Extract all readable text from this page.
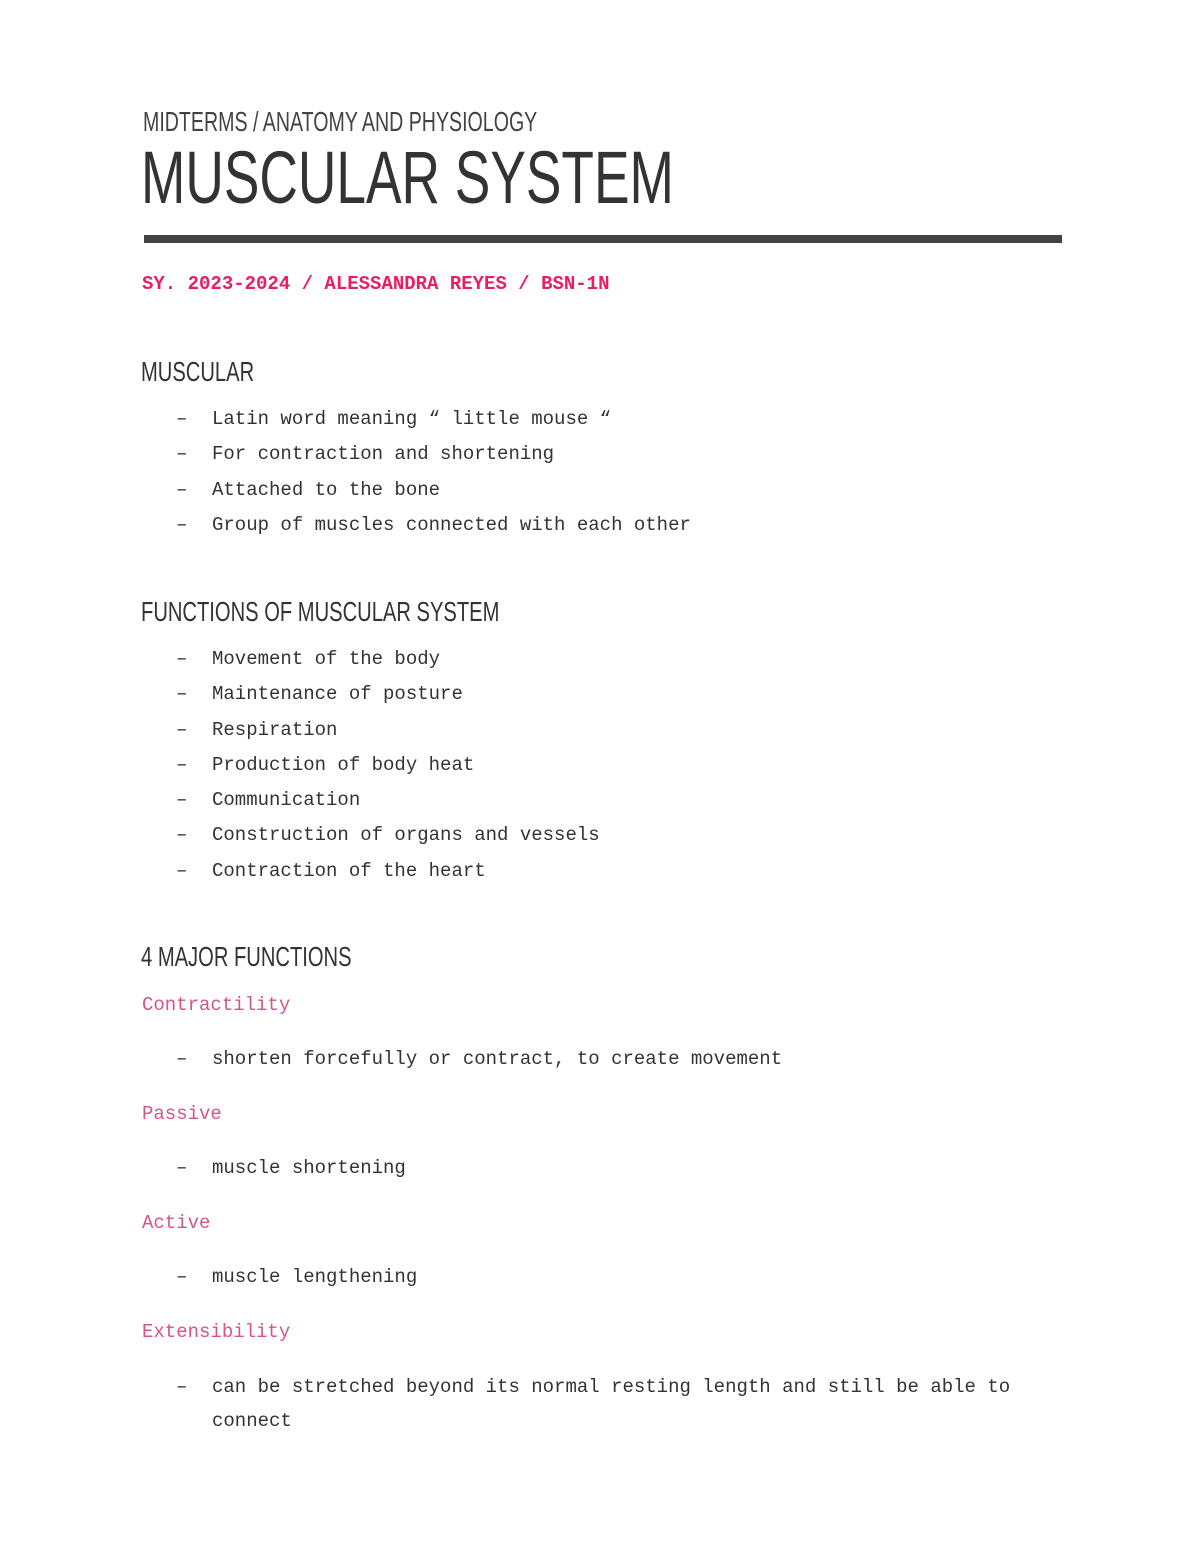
MIDTERMS / ANATOMY AND PHYSIOLOGY
MUSCULAR SYSTEM
SY. 2023-2024 / ALESSANDRA REYES / BSN-1N
MUSCULAR
– Latin word meaning “ little mouse “
– For contraction and shortening
– Attached to the bone
– Group of muscles connected with each other
FUNCTIONS OF MUSCULAR SYSTEM
– Movement of the body
– Maintenance of posture
– Respiration
– Production of body heat
– Communication
– Construction of organs and vessels
– Contraction of the heart
4 MAJOR FUNCTIONS
Contractility
– shorten forcefully or contract, to create movement
Passive
– muscle shortening
Active
– muscle lengthening
Extensibility
– can be stretched beyond its normal resting length and still be able to connect
